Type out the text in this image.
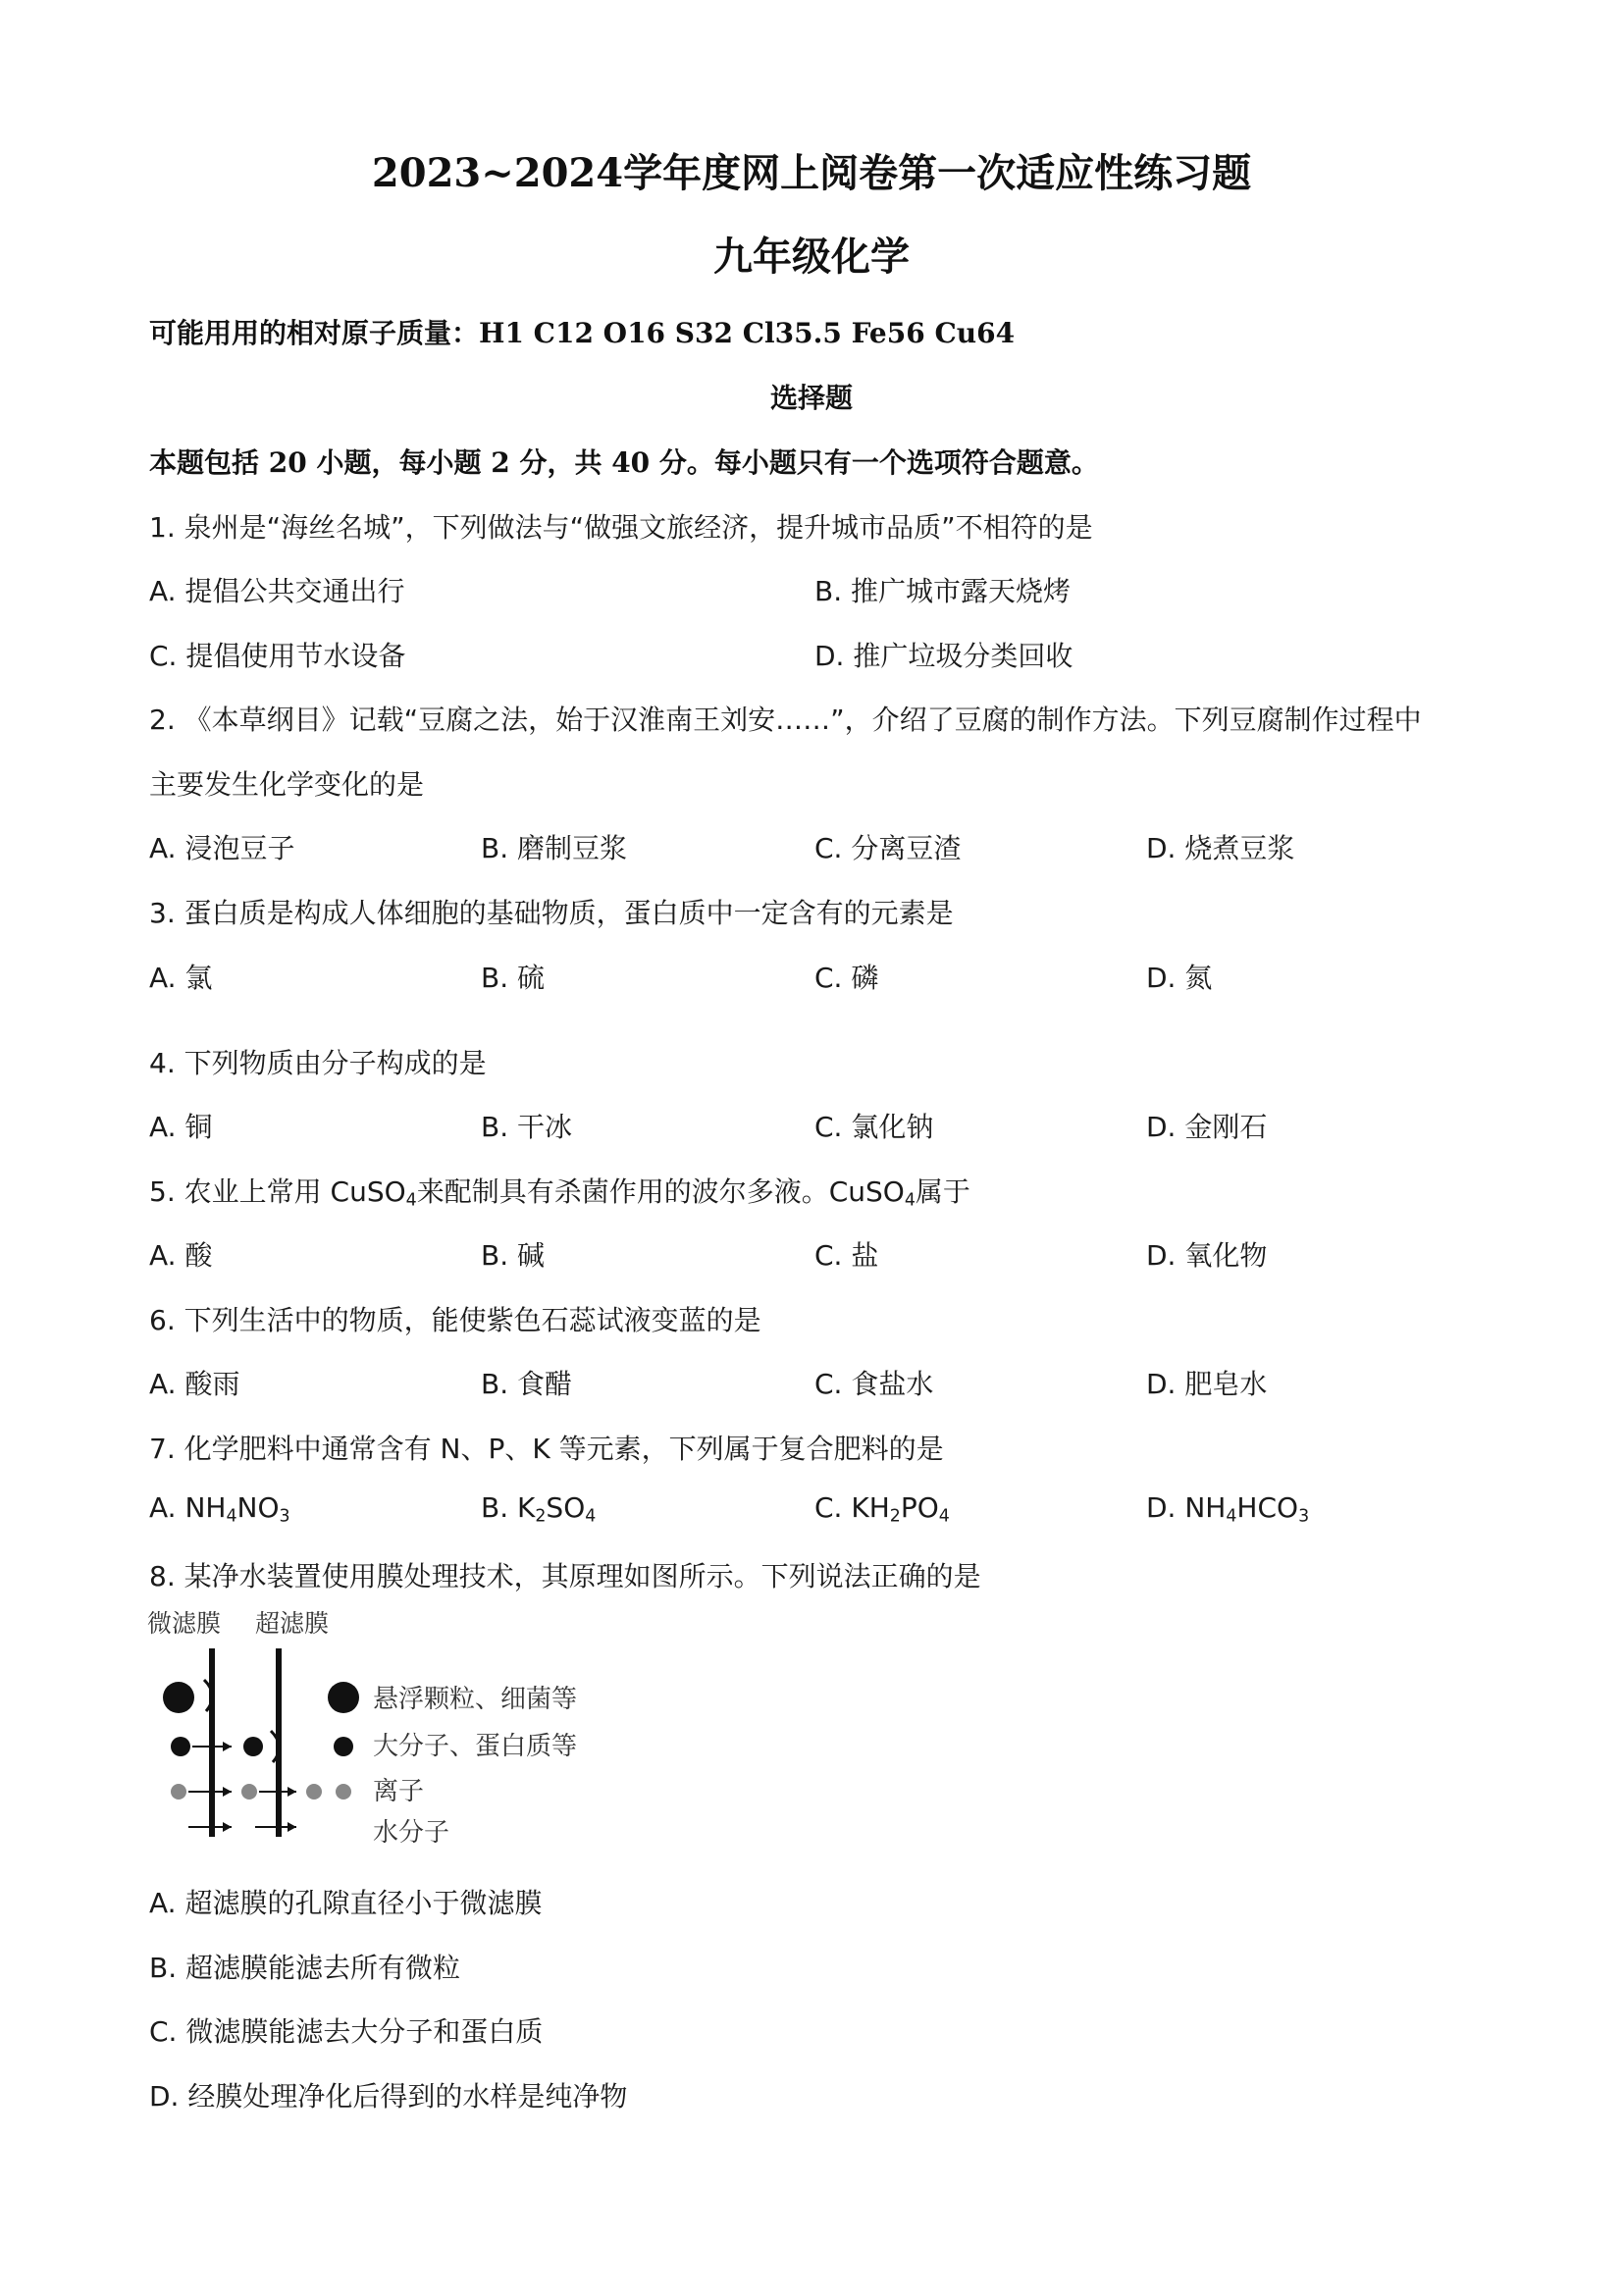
2023~2024学年度网上阅卷第一次适应性练习题
九年级化学
可能用用的相对原子质量：H1 C12 O16 S32 Cl35.5 Fe56 Cu64
选择题
本题包括 20 小题，每小题 2 分，共 40 分。每小题只有一个选项符合题意。
1. 泉州是“海丝名城”，下列做法与“做强文旅经济，提升城市品质”不相符的是
A. 提倡公共交通出行	B. 推广城市露天烧烤
C. 提倡使用节水设备	D. 推广垃圾分类回收
2. 《本草纲目》记载“豆腐之法，始于汉淮南王刘安……”，介绍了豆腐的制作方法。下列豆腐制作过程中
主要发生化学变化的是
A. 浸泡豆子	B. 磨制豆浆	C. 分离豆渣	D. 烧煮豆浆
3. 蛋白质是构成人体细胞的基础物质，蛋白质中一定含有的元素是
A. 氯	B. 硫	C. 磷	D. 氮
4. 下列物质由分子构成的是
A. 铜	B. 干冰	C. 氯化钠	D. 金刚石
5. 农业上常用 CuSO$_4$来配制具有杀菌作用的波尔多液。CuSO$_4$属于
A. 酸	B. 碱	C. 盐	D. 氧化物
6. 下列生活中的物质，能使紫色石蕊试液变蓝的是
A. 酸雨	B. 食醋	C. 食盐水	D. 肥皂水
7. 化学肥料中通常含有 N、P、K 等元素，下列属于复合肥料的是
A. $NH_4NO_3$	B. $K_2SO_4$	C. $KH_2PO_4$	D. $NH_4HCO_3$
8. 某净水装置使用膜处理技术，其原理如图所示。下列说法正确的是
微滤膜 超滤膜
悬浮颗粒、细菌等
大分子、蛋白质等
离子
水分子
A. 超滤膜的孔隙直径小于微滤膜
B. 超滤膜能滤去所有微粒
C. 微滤膜能滤去大分子和蛋白质
D. 经膜处理净化后得到的水样是纯净物
